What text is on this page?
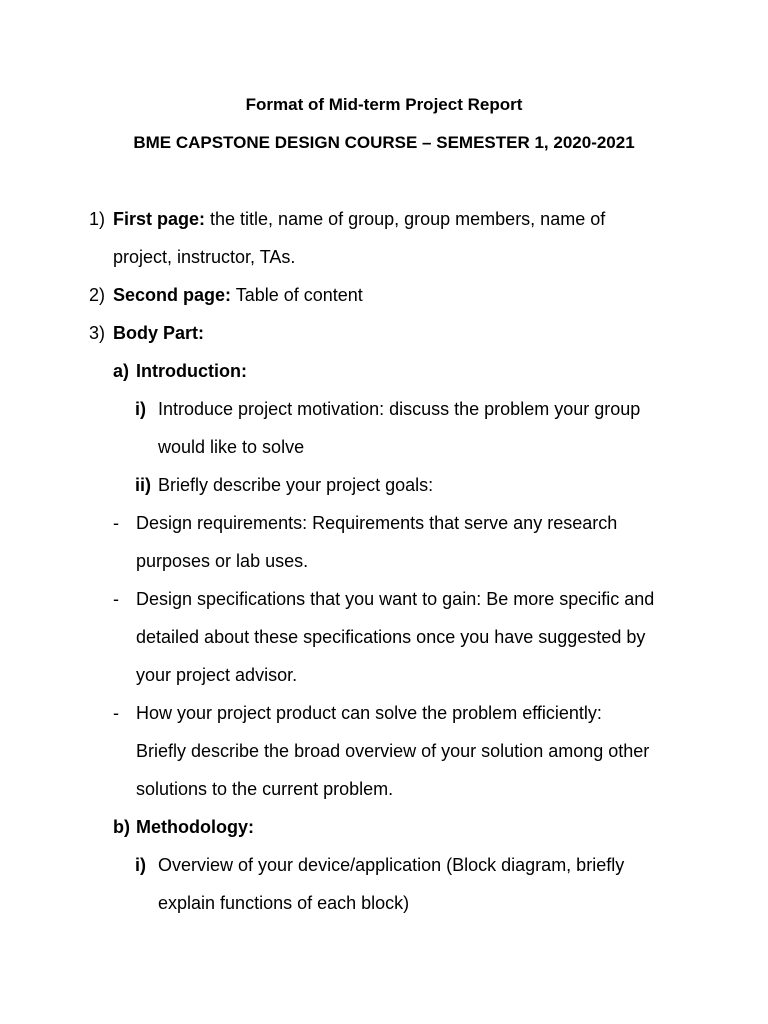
Format of Mid-term Project Report
BME CAPSTONE DESIGN COURSE – SEMESTER 1, 2020-2021
1) First page: the title, name of group, group members, name of
project, instructor, TAs.
2) Second page: Table of content
3) Body Part:
a) Introduction:
i) Introduce project motivation: discuss the problem your group
would like to solve
ii) Briefly describe your project goals:
- Design requirements: Requirements that serve any research
purposes or lab uses.
- Design specifications that you want to gain: Be more specific and
detailed about these specifications once you have suggested by
your project advisor.
- How your project product can solve the problem efficiently:
Briefly describe the broad overview of your solution among other
solutions to the current problem.
b) Methodology:
i) Overview of your device/application (Block diagram, briefly
explain functions of each block)
